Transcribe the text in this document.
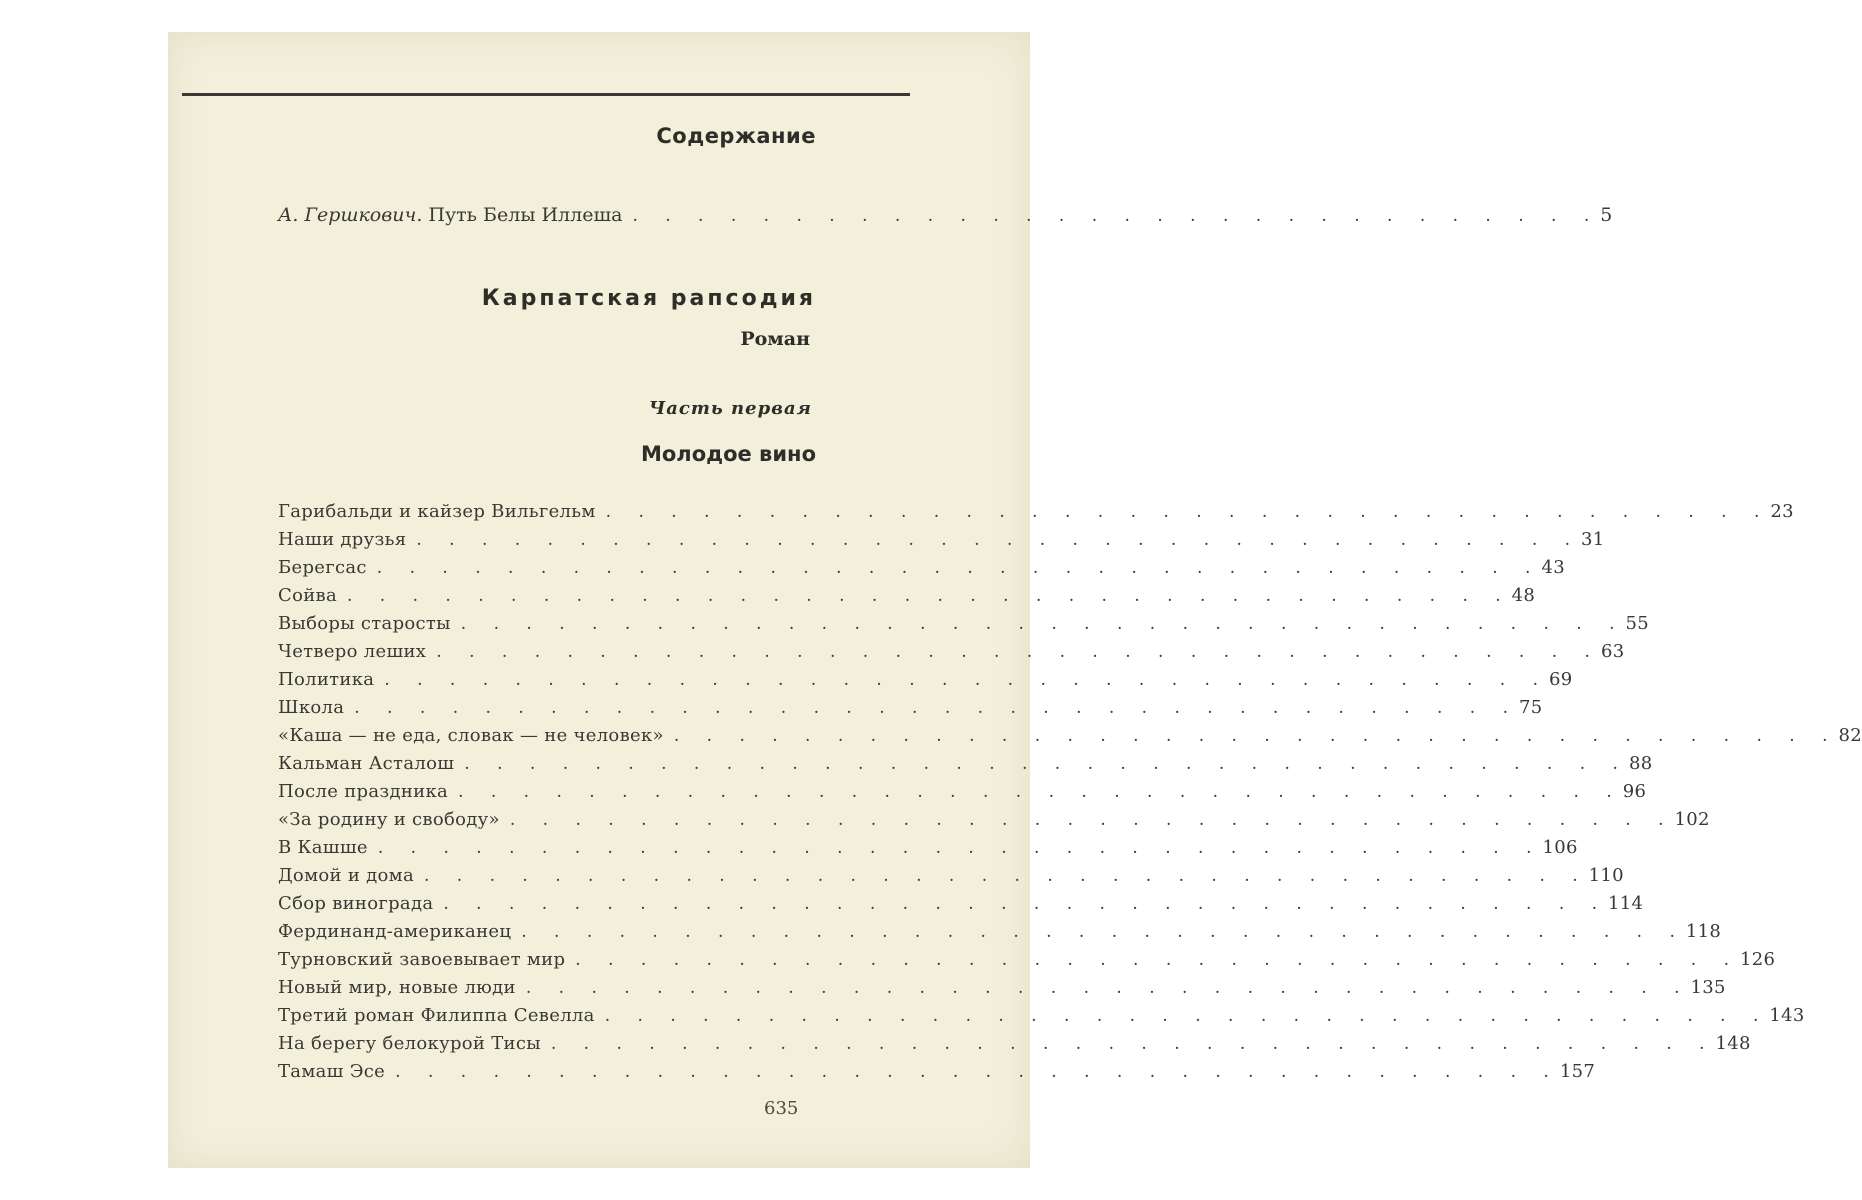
Содержание
А. Гершкович. Путь Белы Иллеша . . . . . . . . . . . . . . . . . . . . . . . . . . . . . . 5
Карпатская рапсодия
Роман
Часть первая
Молодое вино
Гарибальди и кайзер Вильгельм . . . . . . . . . . . . . . . . . . . . . . . . . . . . . . . . . . . . 23
Наши друзья . . . . . . . . . . . . . . . . . . . . . . . . . . . . . . . . . . . . 31
Берегсас . . . . . . . . . . . . . . . . . . . . . . . . . . . . . . . . . . . . 43
Сойва . . . . . . . . . . . . . . . . . . . . . . . . . . . . . . . . . . . . 48
Выборы старосты . . . . . . . . . . . . . . . . . . . . . . . . . . . . . . . . . . . . 55
Четверо леших . . . . . . . . . . . . . . . . . . . . . . . . . . . . . . . . . . . . 63
Политика . . . . . . . . . . . . . . . . . . . . . . . . . . . . . . . . . . . . 69
Школа . . . . . . . . . . . . . . . . . . . . . . . . . . . . . . . . . . . . 75
«Каша — не еда, словак — не человек» . . . . . . . . . . . . . . . . . . . . . . . . . . . . . . . . . . . . 82
Кальман Асталош . . . . . . . . . . . . . . . . . . . . . . . . . . . . . . . . . . . . 88
После праздника . . . . . . . . . . . . . . . . . . . . . . . . . . . . . . . . . . . . 96
«За родину и свободу» . . . . . . . . . . . . . . . . . . . . . . . . . . . . . . . . . . . . 102
В Кашше . . . . . . . . . . . . . . . . . . . . . . . . . . . . . . . . . . . . 106
Домой и дома . . . . . . . . . . . . . . . . . . . . . . . . . . . . . . . . . . . . 110
Сбор винограда . . . . . . . . . . . . . . . . . . . . . . . . . . . . . . . . . . . . 114
Фердинанд-американец . . . . . . . . . . . . . . . . . . . . . . . . . . . . . . . . . . . . 118
Турновский завоевывает мир . . . . . . . . . . . . . . . . . . . . . . . . . . . . . . . . . . . . 126
Новый мир, новые люди . . . . . . . . . . . . . . . . . . . . . . . . . . . . . . . . . . . . 135
Третий роман Филиппа Севелла . . . . . . . . . . . . . . . . . . . . . . . . . . . . . . . . . . . . 143
На берегу белокурой Тисы . . . . . . . . . . . . . . . . . . . . . . . . . . . . . . . . . . . . 148
Тамаш Эсе . . . . . . . . . . . . . . . . . . . . . . . . . . . . . . . . . . . . 157
635
